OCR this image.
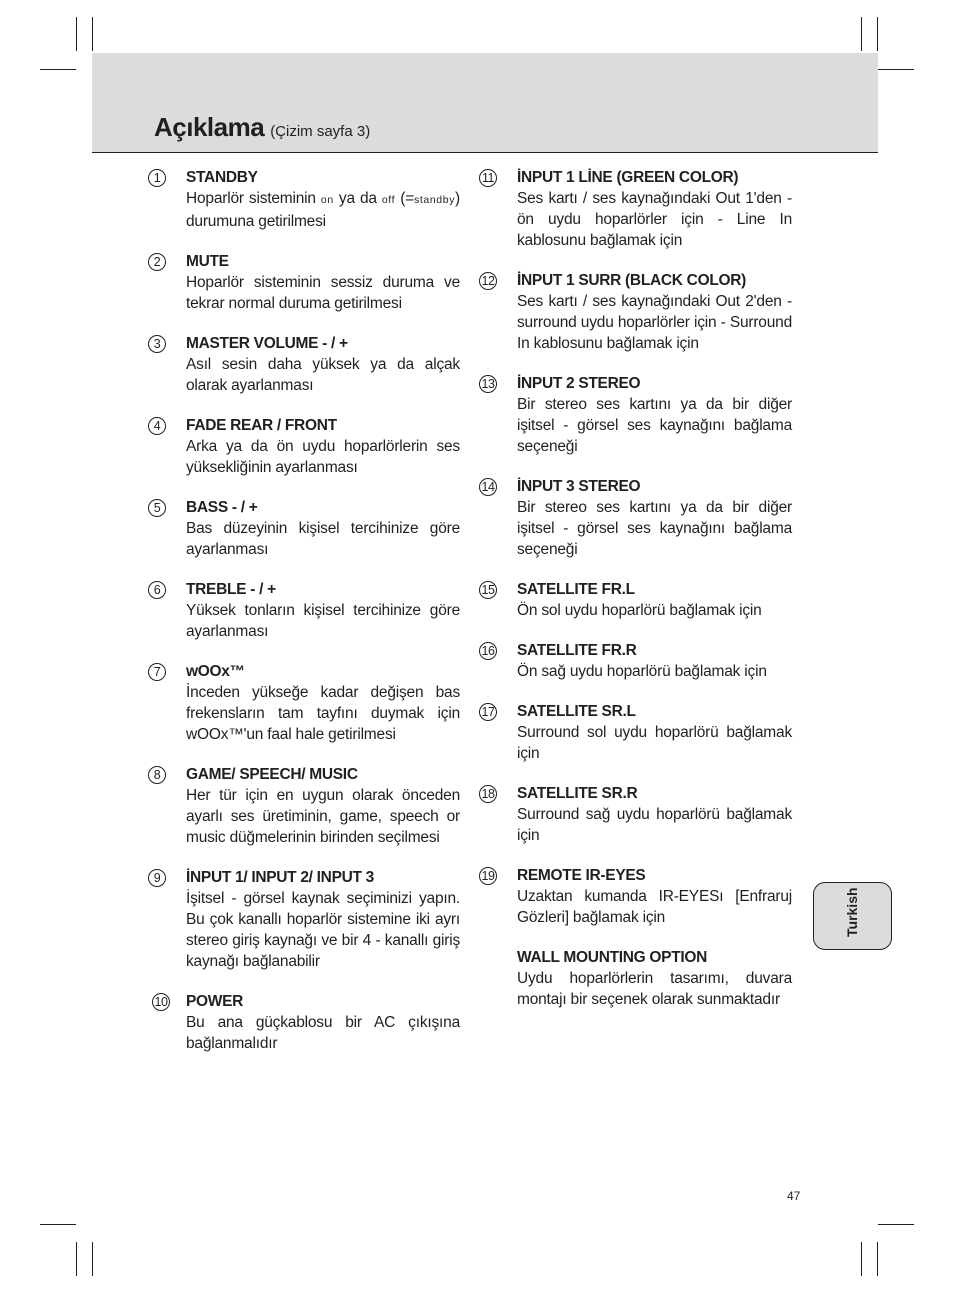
Açıklama (Çizim sayfa 3)
1	STANDBY
Hoparlör sisteminin on ya da off (=standby) durumuna getirilmesi
2	MUTE
Hoparlör sisteminin sessiz duruma ve tekrar normal duruma getirilmesi
3	MASTER VOLUME - / +
Asıl sesin daha yüksek ya da alçak olarak ayarlanması
4	FADE REAR / FRONT
Arka ya da ön uydu hoparlörlerin ses yüksekliğinin ayarlanması
5	BASS - / +
Bas düzeyinin kişisel tercihinize göre ayarlanması
6	TREBLE - / +
Yüksek tonların kişisel tercihinize göre ayarlanması
7	wOOx™
İnceden yükseğe kadar değişen bas frekensların tam tayfını duymak için wOOx™'un faal hale getirilmesi
8	GAME/ SPEECH/ MUSIC
Her tür için en uygun olarak önceden ayarlı ses üretiminin, game, speech or music düğmelerinin birinden seçilmesi
9	İNPUT 1/ INPUT 2/ INPUT 3
İşitsel - görsel kaynak seçiminizi yapın. Bu çok kanallı hoparlör sistemine iki ayrı stereo giriş kaynağı ve bir 4 - kanallı giriş kaynağı bağlanabilir
10 POWER
Bu ana güçkablosu bir AC çıkışına bağlanmalıdır
11 İNPUT 1 LİNE (GREEN COLOR)
Ses kartı / ses kaynağındaki Out 1'den - ön uydu hoparlörler için - Line In kablosunu bağlamak için
12 İNPUT 1 SURR (BLACK COLOR)
Ses kartı / ses kaynağındaki Out 2'den - surround uydu hoparlörler için - Surround In kablosunu bağlamak için
13 İNPUT 2 STEREO
Bir stereo ses kartını ya da bir diğer işitsel - görsel ses kaynağını bağlama seçeneği
14 İNPUT 3 STEREO
Bir stereo ses kartını ya da bir diğer işitsel - görsel ses kaynağını bağlama seçeneği
15 SATELLITE FR.L
Ön sol uydu hoparlörü bağlamak için
16 SATELLITE FR.R
Ön sağ uydu hoparlörü bağlamak için
17 SATELLITE SR.L
Surround sol uydu hoparlörü bağlamak için
18 SATELLITE SR.R
Surround sağ uydu hoparlörü bağlamak için
19 REMOTE IR-EYES
Uzaktan kumanda IR-EYESı [Enfraruj Gözleri] bağlamak için
WALL MOUNTING OPTION
Uydu hoparlörlerin tasarımı, duvara montajı bir seçenek olarak sunmaktadır
Turkish
47
